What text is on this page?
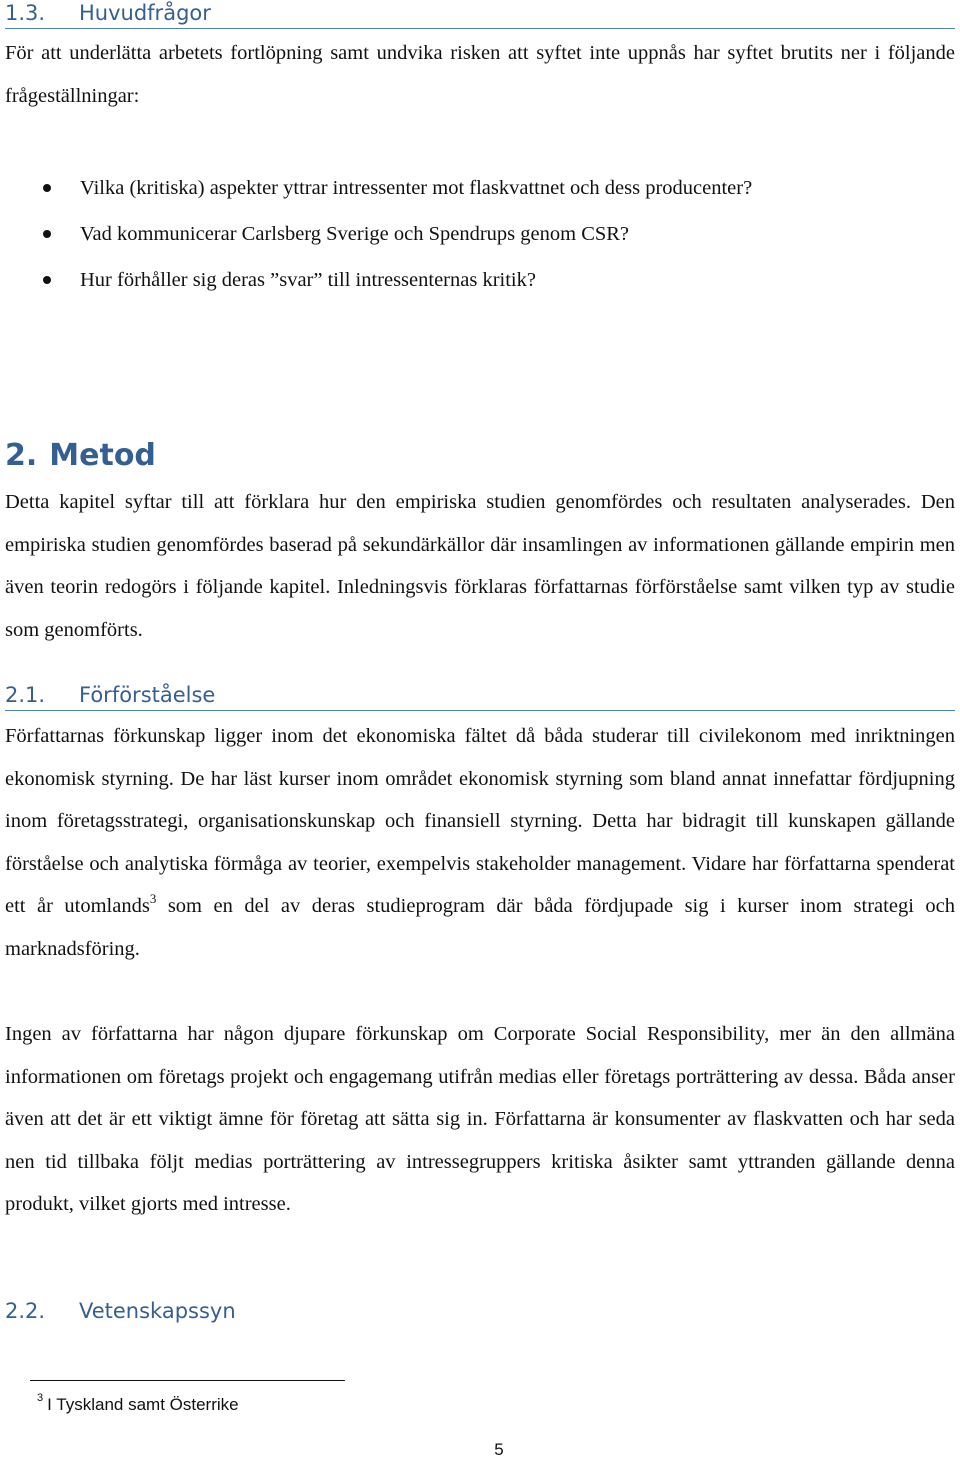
1.3. Huvudfrågor

För att underlätta arbetets fortlöpning samt undvika risken att syftet inte uppnås har syftet brutits ner i följande frågeställningar:

Vilka (kritiska) aspekter yttrar intressenter mot flaskvattnet och dess producenter?
Vad kommunicerar Carlsberg Sverige och Spendrups genom CSR?
Hur förhåller sig deras ”svar” till intressenternas kritik?
2. Metod

Detta kapitel syftar till att förklara hur den empiriska studien genomfördes och resultaten analyserades. Den empiriska studien genomfördes baserad på sekundärkällor där insamlingen av informationen gällande empirin men även teorin redogörs i följande kapitel. Inledningsvis förklaras författarnas förförståelse samt vilken typ av studie som genomförts.

2.1. Förförståelse

Författarnas förkunskap ligger inom det ekonomiska fältet då båda studerar till civilekonom med inriktningen ekonomisk styrning. De har läst kurser inom området ekonomisk styrning som bland annat innefattar fördjupning inom företagsstrategi, organisationskunskap och finansiell styrning. Detta har bidragit till kunskapen gällande förståelse och analytiska förmåga av teorier, exempelvis stakeholder management. Vidare har författarna spenderat ett år utomlands$^3$ som en del av deras studieprogram där båda fördjupade sig i kurser inom strategi och marknadsföring.

Ingen av författarna har någon djupare förkunskap om Corporate Social Responsibility, mer än den allmäna informationen om företags projekt och engagemang utifrån medias eller företags porträttering av dessa. Båda anser även att det är ett viktigt ämne för företag att sätta sig in. Författarna är konsumenter av flaskvatten och har seda nen tid tillbaka följt medias porträttering av intressegruppers kritiska åsikter samt yttranden gällande denna produkt, vilket gjorts med intresse.

2.2. Vetenskapssyn
$^3$ I Tyskland samt Österrike
5
